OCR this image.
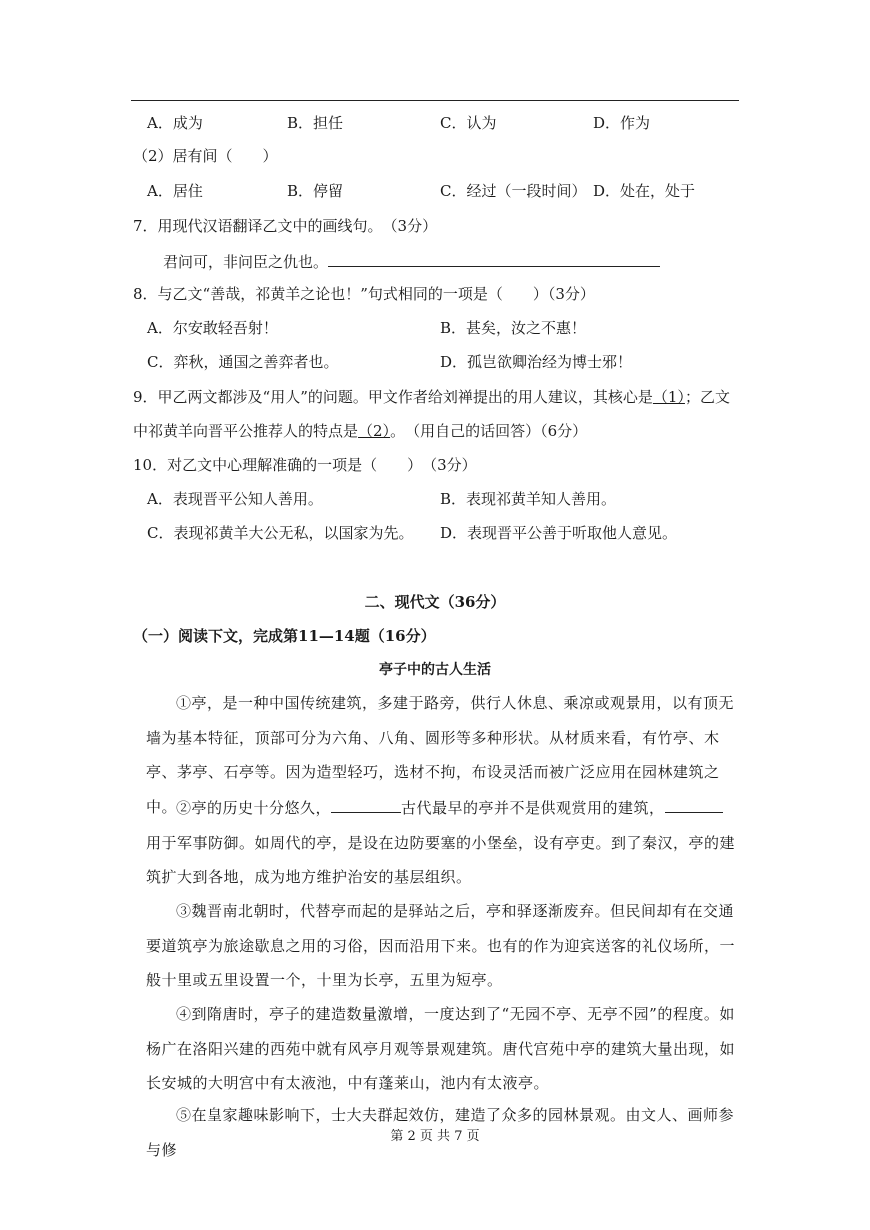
A．成为	B．担任	C．认为	D．作为
（2）居有间（　　）
A．居住	B．停留	C．经过（一段时间） D．处在，处于
7．用现代汉语翻译乙文中的画线句。　（3分）
君问可，非问臣之仇也。
8．与乙文“善哉，祁黄羊之论也！”句式相同的一项是（　　）（3分）
A．尔安敢轻吾射！	B．甚矣，汝之不惠！
C．弈秋，通国之善弈者也。	D．孤岂欲卿治经为博士邪！
9．甲乙两文都涉及“用人”的问题。甲文作者给刘禅提出的用人建议，其核心是（1）；乙文
中祁黄羊向晋平公推荐人的特点是（2）。　（用自己的话回答）（6分）
10．对乙文中心理解准确的一项是（　　）　（3分）
A．表现晋平公知人善用。	B．表现祁黄羊知人善用。
C．表现祁黄羊大公无私，以国家为先。 D．表现晋平公善于听取他人意见。
二、现代文（36分）
（一）阅读下文，完成第11—14题（16分）
亭子中的古人生活
①亭，是一种中国传统建筑，多建于路旁，供行人休息、乘凉或观景用，以有顶无墙为基本特征，顶部可分为六角、八角、圆形等多种形状。从材质来看，有竹亭、木亭、茅亭、石亭等。因为造型轻巧，选材不拘，布设灵活而被广泛应用在园林建筑之中。
②亭的历史十分悠久，	古代最早的亭并不是供观赏用的建筑，用于军事防御。如周代的亭，是设在边防要塞的小堡垒，设有亭吏。到了秦汉，亭的建筑扩大到各地，成为地方维护治安的基层组织。
③魏晋南北朝时，代替亭而起的是驿站之后，亭和驿逐渐废弃。但民间却有在交通要道筑亭为旅途歇息之用的习俗，因而沿用下来。也有的作为迎宾送客的礼仪场所，一般十里或五里设置一个，十里为长亭，五里为短亭。
④到隋唐时，亭子的建造数量激增，一度达到了“无园不亭、无亭不园”的程度。如杨广在洛阳兴建的西苑中就有风亭月观等景观建筑。唐代宫苑中亭的建筑大量出现，如长安城的大明宫中有太液池，中有蓬莱山，池内有太液亭。
⑤在皇家趣味影响下，士大夫群起效仿，建造了众多的园林景观。由文人、画师参与修
第 2 页 共 7 页
